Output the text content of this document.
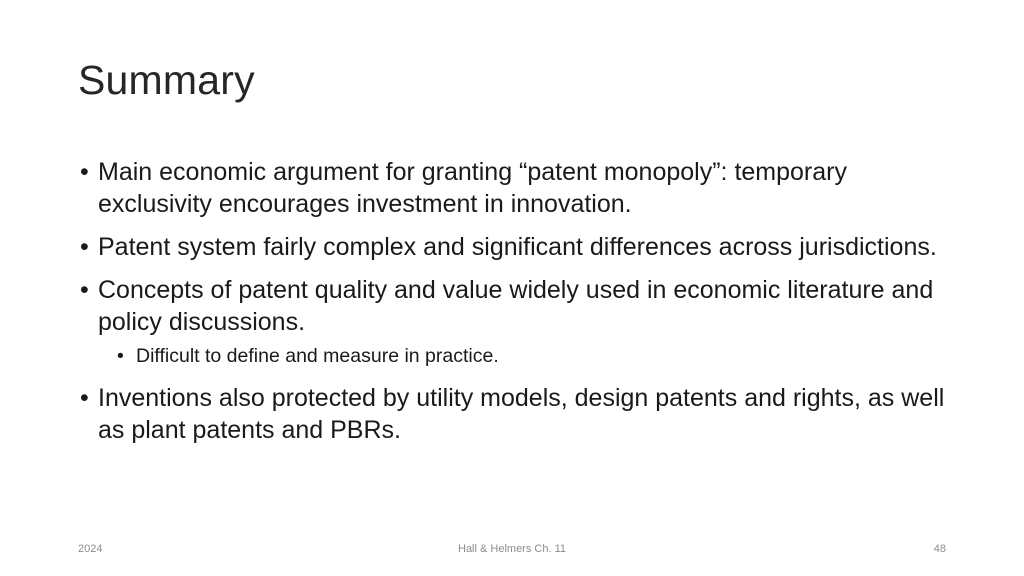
Summary
• Main economic argument for granting “patent monopoly”: temporary exclusivity encourages investment in innovation.
• Patent system fairly complex and significant differences across jurisdictions.
• Concepts of patent quality and value widely used in economic literature and policy discussions.
• Difficult to define and measure in practice.
• Inventions also protected by utility models, design patents and rights, as well as plant patents and PBRs.
2024	Hall & Helmers Ch. 11	48
